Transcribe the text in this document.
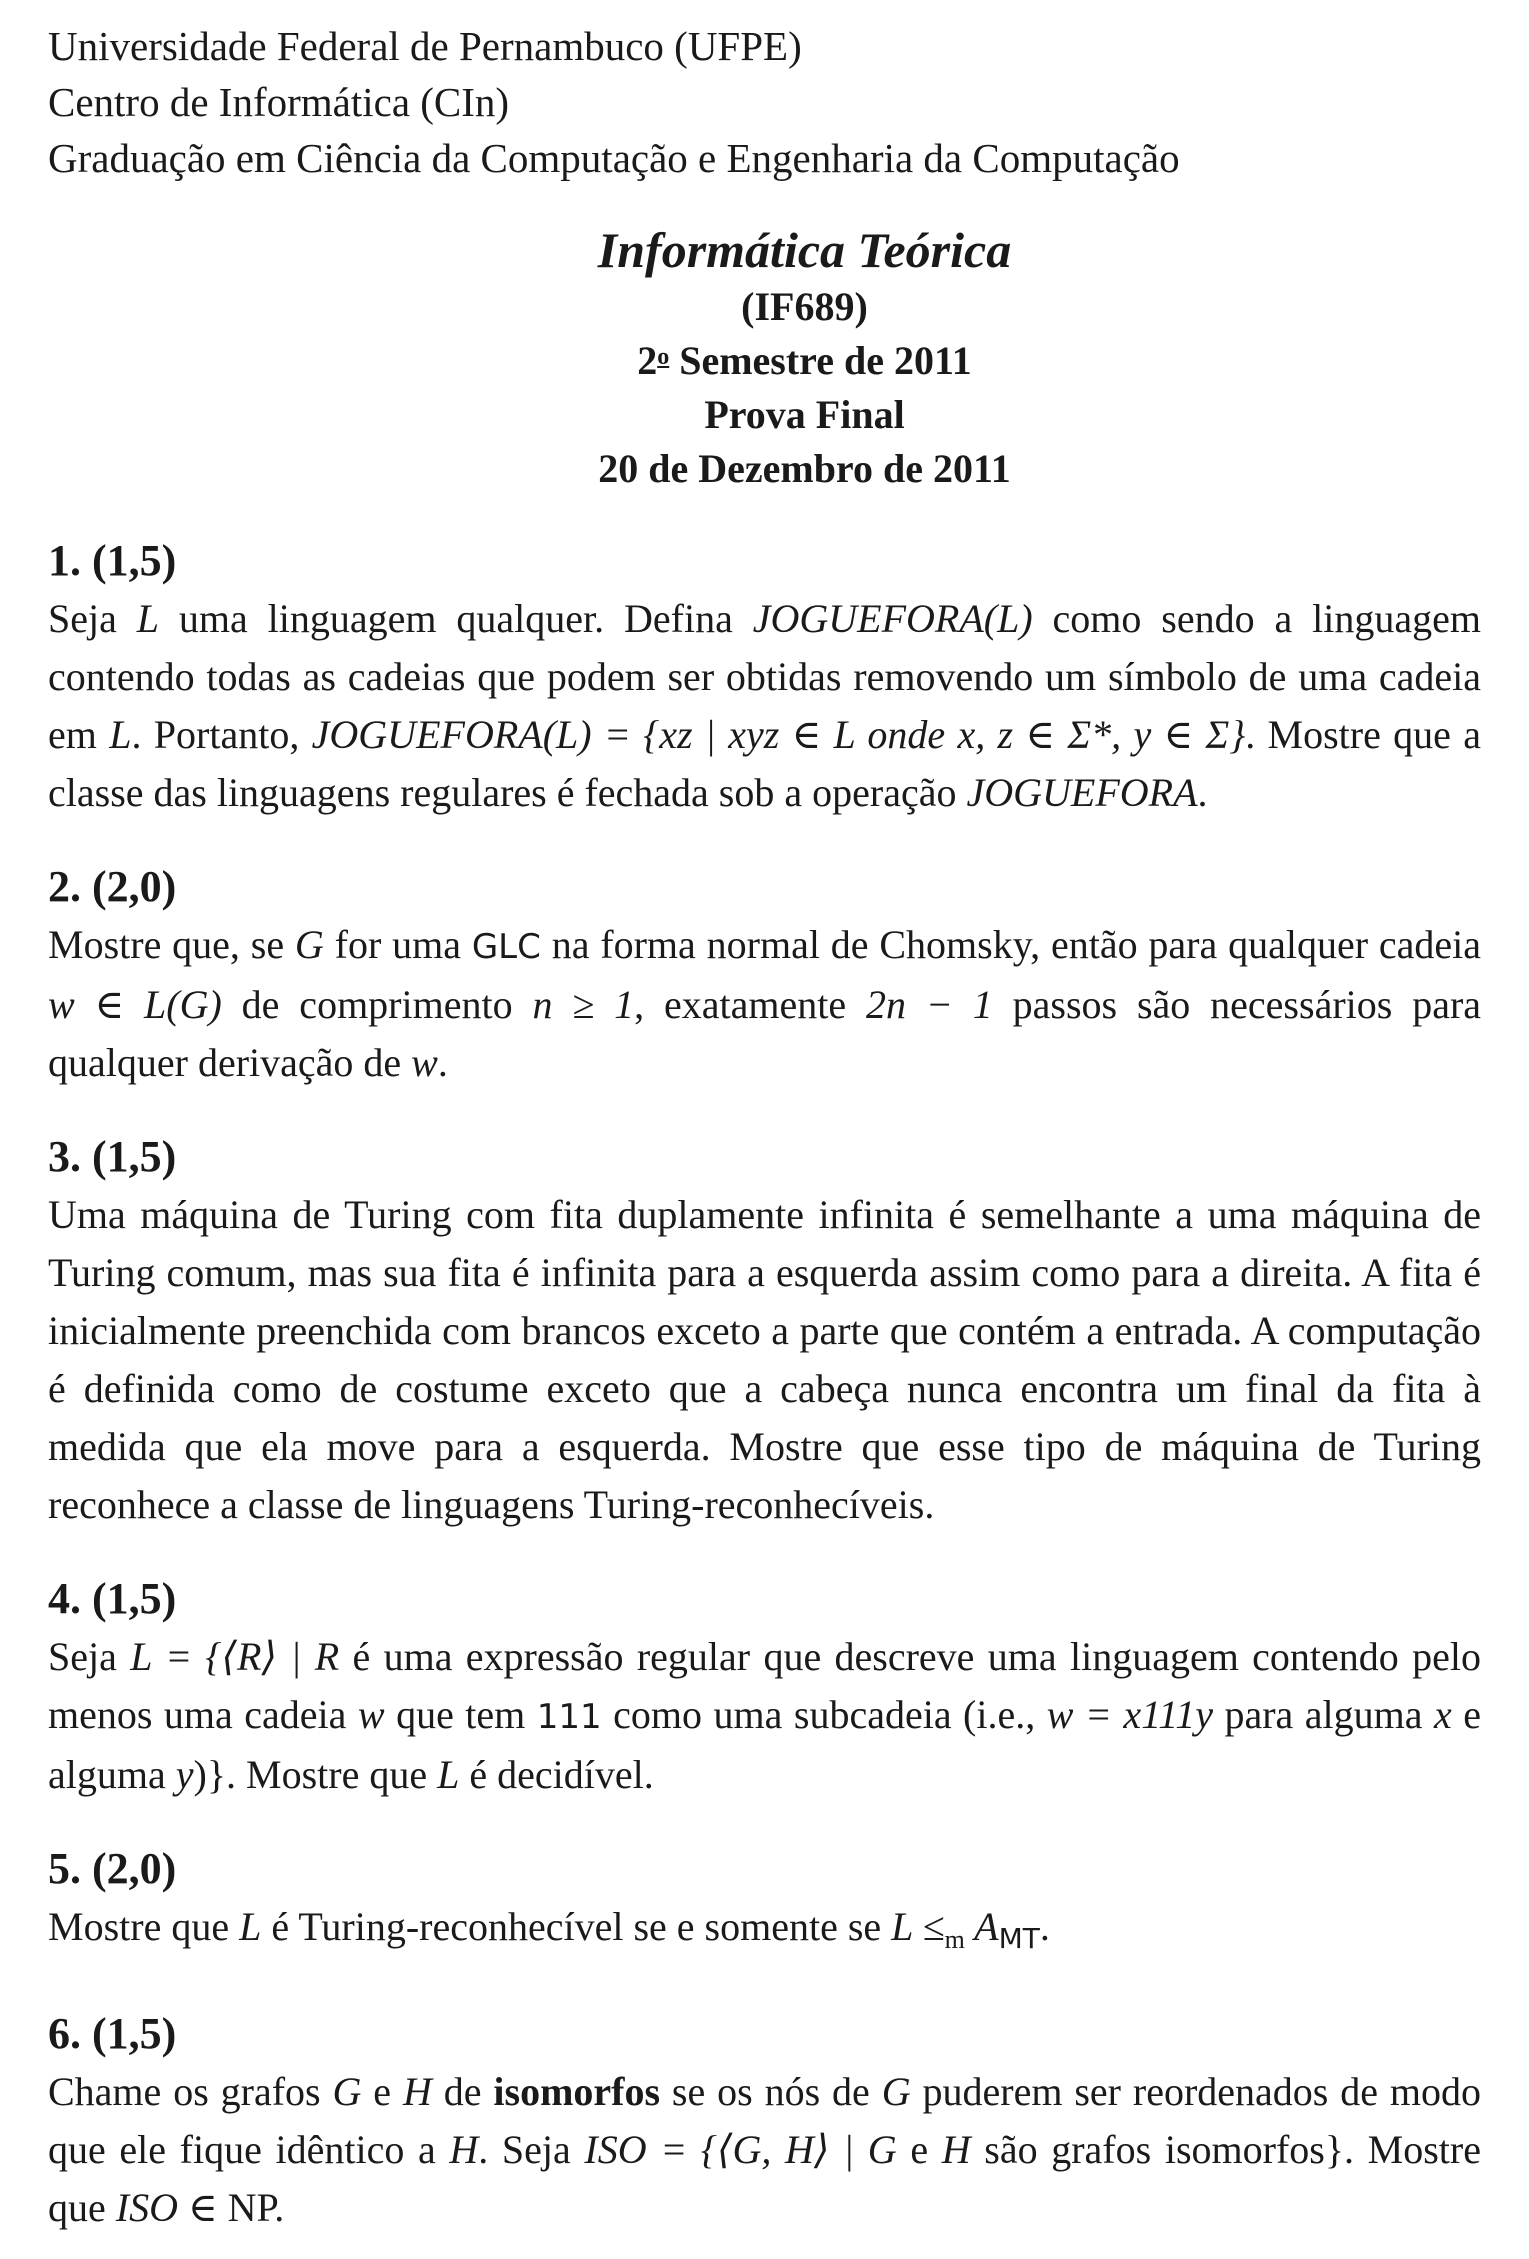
Universidade Federal de Pernambuco (UFPE)
Centro de Informática (CIn)
Graduação em Ciência da Computação e Engenharia da Computação
Informática Teórica
(IF689)
2$^o$ Semestre de 2011
Prova Final
20 de Dezembro de 2011
1. (1,5)
Seja L uma linguagem qualquer. Defina JOGUEFORA(L) como sendo a linguagem contendo todas as cadeias que podem ser obtidas removendo um símbolo de uma cadeia em L. Portanto, JOGUEFORA(L) = {xz | xyz ∈ L onde x, z ∈ Σ*, y ∈ Σ}. Mostre que a classe das linguagens regulares é fechada sob a operação JOGUEFORA.
2. (2,0)
Mostre que, se G for uma GLC na forma normal de Chomsky, então para qualquer cadeia w ∈ L(G) de comprimento n ≥ 1, exatamente 2n − 1 passos são necessários para qualquer derivação de w.
3. (1,5)
Uma máquina de Turing com fita duplamente infinita é semelhante a uma máquina de Turing comum, mas sua fita é infinita para a esquerda assim como para a direita. A fita é inicialmente preenchida com brancos exceto a parte que contém a entrada. A computação é definida como de costume exceto que a cabeça nunca encontra um final da fita à medida que ela move para a esquerda. Mostre que esse tipo de máquina de Turing reconhece a classe de linguagens Turing-reconhecíveis.
4. (1,5)
Seja L = {⟨R⟩ | R é uma expressão regular que descreve uma linguagem contendo pelo menos uma cadeia w que tem 111 como uma subcadeia (i.e., w = x111y para alguma x e alguma y)}. Mostre que L é decidível.
5. (2,0)
Mostre que L é Turing-reconhecível se e somente se $L \le_m$ $A_{MT}$.
6. (1,5)
Chame os grafos G e H de isomorfos se os nós de G puderem ser reordenados de modo que ele fique idêntico a H. Seja ISO = {⟨G, H⟩ | G e H são grafos isomorfos}. Mostre que ISO ∈ NP.
